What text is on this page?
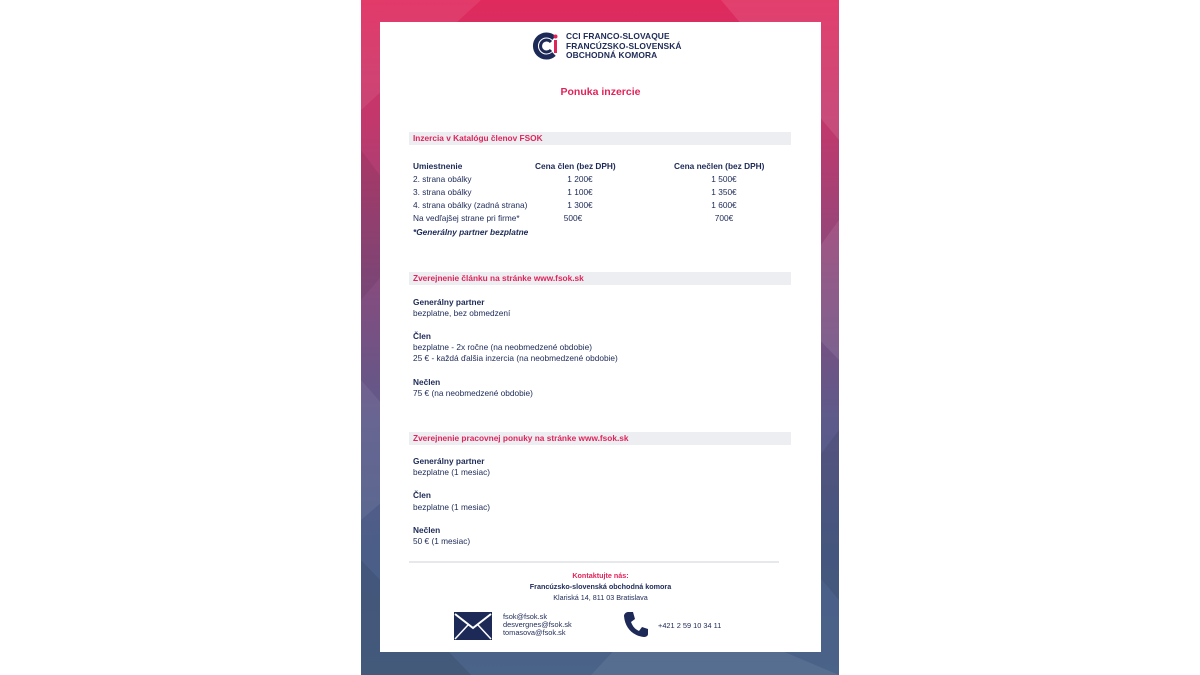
CCI FRANCO-SLOVAQUE
FRANCÚZSKO-SLOVENSKÁ
OBCHODNÁ KOMORA
Ponuka inzercie
Inzercia v Katalógu členov FSOK
Umiestnenie	Cena člen (bez DPH)	Cena nečlen (bez DPH)
2. strana obálky	1 200€	1 500€
3. strana obálky	1 100€	1 350€
4. strana obálky (zadná strana)	1 300€	1 600€
Na vedľajšej strane pri firme*	500€	700€
*Generálny partner bezplatne
Zverejnenie článku na stránke www.fsok.sk
Generálny partner
bezplatne, bez obmedzení
Člen
bezplatne - 2x ročne (na neobmedzené obdobie)
25 € - každá ďalšia inzercia (na neobmedzené obdobie)
Nečlen
75 € (na neobmedzené obdobie)
Zverejnenie pracovnej ponuky na stránke www.fsok.sk
Generálny partner
bezplatne (1 mesiac)
Člen
bezplatne (1 mesiac)
Nečlen
50 € (1 mesiac)
Kontaktujte nás:
Francúzsko-slovenská obchodná komora
Klariská 14, 811 03 Bratislava
fsok@fsok.sk
desvergnes@fsok.sk
tomasova@fsok.sk
+421 2 59 10 34 11
